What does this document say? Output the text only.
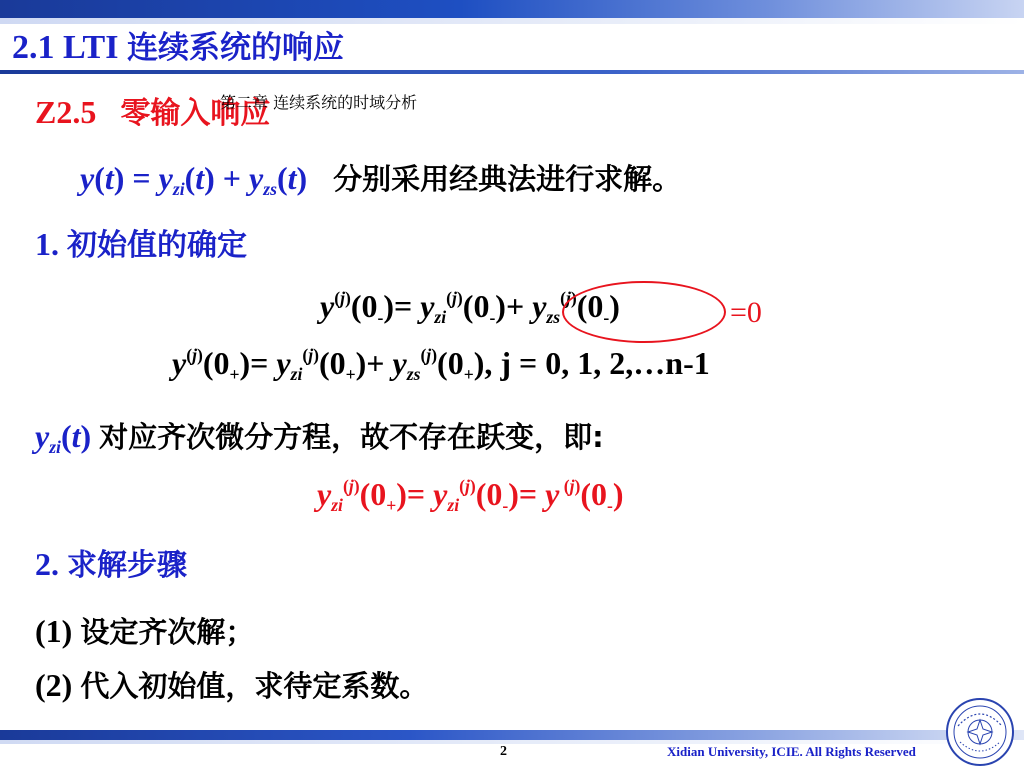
2.1 LTI 连续系统的响应
Z2.5 零输入响应
第二章 连续系统的时域分析
$y(t) = y_{zi}(t) + y_{zs}(t)$ 分别采用经典法进行求解。
1. 初始值的确定
$y^{(j)}(0_-)= y_{zi}^{(j)}(0_-)+ y_{zs}^{(j)}(0_-)$	=0
$y^{(j)}(0_+)= y_{zi}^{(j)}(0_+)+ y_{zs}^{(j)}(0_+)$, j = 0, 1, 2,…n-1
$y_{zi}(t)$ 对应齐次微分方程，故不存在跃变，即:
$y_{zi}^{(j)}(0_+)= y_{zi}^{(j)}(0_-)= y$ $^{(j)}(0_-)$
2. 求解步骤
(1) 设定齐次解；
(2) 代入初始值，求待定系数。
2	Xidian University, ICIE. All Rights Reserved
